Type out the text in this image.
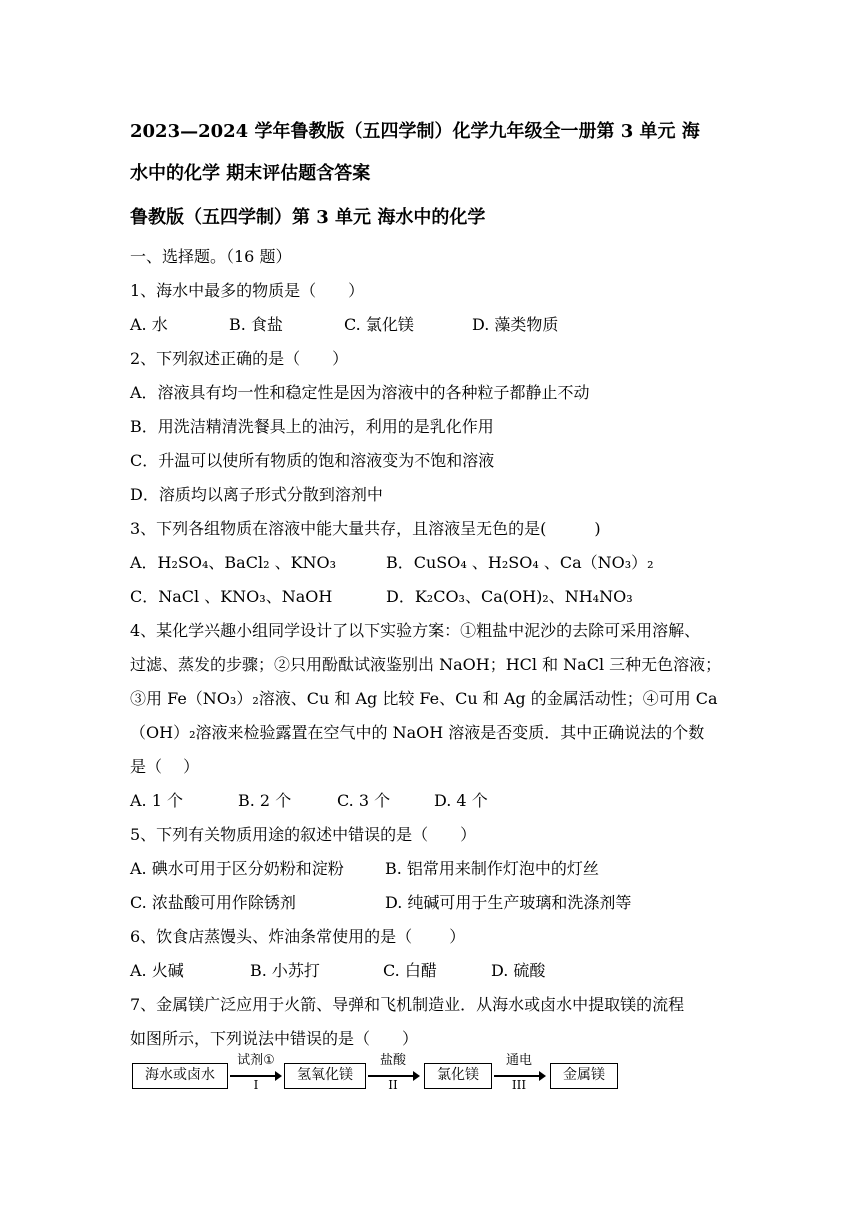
2023—2024 学年鲁教版（五四学制）化学九年级全一册第 3 单元 海
水中的化学 期末评估题含答案
鲁教版（五四学制）第 3 单元 海水中的化学
一、选择题。（16 题）
1、海水中最多的物质是（　　）
A. 水	B. 食盐	C. 氯化镁	D. 藻类物质
2、下列叙述正确的是（　　）
A．溶液具有均一性和稳定性是因为溶液中的各种粒子都静止不动
B．用洗洁精清洗餐具上的油污，利用的是乳化作用
C．升温可以使所有物质的饱和溶液变为不饱和溶液
D．溶质均以离子形式分散到溶剂中
3、下列各组物质在溶液中能大量共存，且溶液呈无色的是(　　　)
A．H₂SO₄、BaCl₂ 、KNO₃	B．CuSO₄ 、H₂SO₄ 、Ca（NO₃）₂
C．NaCl 、KNO₃、NaOH	D．K₂CO₃、Ca(OH)₂、NH₄NO₃
4、某化学兴趣小组同学设计了以下实验方案：①粗盐中泥沙的去除可采用溶解、
过滤、蒸发的步骤；②只用酚酞试液鉴别出 NaOH；HCl 和 NaCl 三种无色溶液；
③用 Fe（NO₃）₂溶液、Cu 和 Ag 比较 Fe、Cu 和 Ag 的金属活动性；④可用 Ca
（OH）₂溶液来检验露置在空气中的 NaOH 溶液是否变质．其中正确说法的个数
是（　 ）
A. 1 个	B. 2 个	C. 3 个	D. 4 个
5、下列有关物质用途的叙述中错误的是（　　）
A. 碘水可用于区分奶粉和淀粉	B. 铝常用来制作灯泡中的灯丝
C. 浓盐酸可用作除锈剂	D. 纯碱可用于生产玻璃和洗涤剂等
6、饮食店蒸馒头、炸油条常使用的是（　　 ）
A. 火碱	B. 小苏打	C. 白醋	D. 硫酸
7、金属镁广泛应用于火箭、导弹和飞机制造业．从海水或卤水中提取镁的流程
如图所示，下列说法中错误的是（　　）
海水或卤水
试剂①
I
氢氧化镁
盐酸
II
氯化镁
通电
III
金属镁
